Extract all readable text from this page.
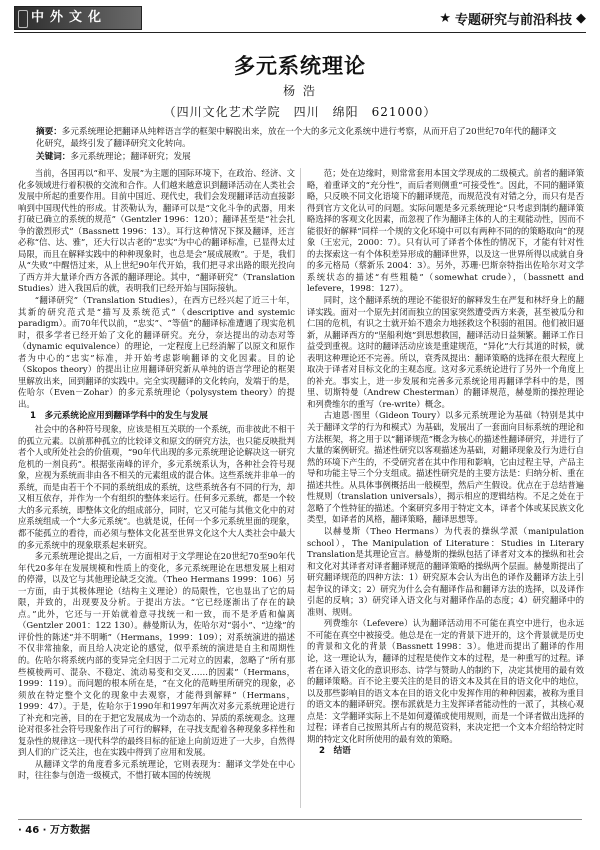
中外文化	★ 专题研究与前沿科技 ◆
多元系统理论
杨 浩
（四川文化艺术学院　四川　绵阳　621000）
摘要：多元系统理论把翻译从纯粹语言学的框架中解脱出来，放在一个大的多元文化系统中进行考察，从而开启了20世纪70年代的翻译文化研究，最终引发了翻译研究文化转向。
关键词：多元系统理论；翻译研究；发展

当前，各国再以“和平、发展”为主题的国际环境下，在政治、经济、文化多领域进行着积极的交流和合作。人们越来越意识到翻译活动在人类社会发展中所起的重要作用。目前中国近、现代史，我们会发现翻译活动直接影响到中国现代性的形成。甘茨勒认为，翻译可以是“文化斗争的武器，用来打破已确立的系统的规范”（Gentzler 1996：120）；翻译甚至是“社会扎争的激烈形式”（Bassnett 1996：13）。耳行这种情况下探及翻译，还言必称“信、达、雅”，还大行以古老的“忠实”为中心的翻译标准，已显得太过局限，而且在解释实践中的种种现象时，也总是会“展成展败”。于是，我们从“失败”中醒悟过来，从上世纪90年代开始，我们把寻求出路的眼光投向了西方并大量译介西方各派的翻译理论。其中，“翻译研究”（Translation Studies）进入我国后的就，表明我们已经开始与国际接轨。

“翻译研究”（Translation Studies），在西方已经兴起了近三十年，其新的研究范式是“描写及系统范式”（descriptive and systemic paradigm）。而70年代以前，“忠实”、“等值”的翻译标准遭遇了现实危机时，很多学者已经开始了文化的翻译研究。充分，奈达提出的动态对等（dynamic equivalence）的理论，一定程度上已经消解了以原文和原作者为中心的“忠实”标准，并开始考虑影响翻译的文化因素。目的论（Skopos theory）的提出让应用翻译研究新从单纯的语言学理论的框架里解放出来，回到翻译的实践中。完全实现翻译的文化转向，发端于的是，佐哈尔（Even－Zohar）的多元系统理论（polysystem theory）的提出。

1　多元系统论应用到翻译学科中的发生与发展

社会中的各种符号现象，应该是相互关联的一个系统，而非彼此不相干的孤立元素。以前那种孤立的比较译文和原文的研究方法，也只能反映批判者个人或所处社会的价值观，“90年代出现的多元系统理论论解决这一研究危机的一剂良药”。根据张南峰的评介，多元系统系认为，各种社会符号现象，应视为系统而非由各不相关的元素组成的混合体。这些系统并非单一的系统，而是由若干个不同的系统组成的系统，这些系统各有不同的行为，却又相互依存，并作为一个有组织的整体来运行。任何多元系统，都是一个较大的多元系统，即整体文化的组成部分，同时，它又可能与其他文化中的对应系统组成一个“大多元系统”。也就是说，任何一个多元系统里面的现象，都不能孤立的看待，而必须与整体文化甚至世界文化这个大人类社会中最大的多元系统中的现象联系起来研究。

多元系统理论提出之后，一方面相对于文学理论在20世纪70至90年代年代20多年在发展规模和性质上的变化，多元系统理论在思想发展上相对的停滞，以及它与其他理论缺乏交流。（Theo Hermans 1999：106）另一方面，由于其极体理论（结构主义理论）的局限性，它也显出了它的局限，并致的，出现要及分析。于提出方法。“它已经逐渐出了存在的缺点。”此外，它还与一开始就着意寻找统一和一致，而不是矛盾和偏离（Gentzler 2001：122 130）。赫曼斯认为，佐哈尔对“弱小”、“边缘”的评价性的陈述“并不明晰”（Hermans，1999：109）；对系统演进的描述不仅非常抽象，而且给人决定论的感觉，似乎系统的演进是自主和周期性的。佐哈尔将系统内部的变异完全归因于二元对立的因素，忽略了“所有那些模棱两可、混杂、不稳定、流动易变和交叉……的因素”（Hermans，1999：119）。而问题的根本所在是，“在文化的范畴里所研究的现象，必须放在特定整个文化的现象中去观察，才能得到解释”（Hermans，1999：47）。于是，佐哈尔于1990年和1997年两次对多元系统理论进行了补充和完善，目的在于把它发展成为一个动态的、异质的系统观念。这理论对很多社会符号现象作出了可行的解释，在寻找支配着各种现象多样性和复杂性的规律这一现代科学的最终目标的征途上向前迈进了一大步，自然得到人们的广泛关注，也在实践中得到了应用和发展。

从翻译文学的角度看多元系统理论，它则表现为：翻译文学处在中心时，往往参与创造一级模式，不惜打破本国的传统规

范；处在边缘时，则常常套用本国文学现成的二级模式。前者的翻译策略，着重译文的“充分性”，而后者则侧重“可接受性”。因此，不同的翻译策略，只反映不同文化语境下的翻译规范，而规范没有对错之分，而只有是否得到官方文化认可的问题。实际问题是多元系统理论“只考虑到制约翻译策略选择的客观文化因素，而忽视了作为翻译主体的人的主观能动性，因而不能很好的解释”同样一个规的文化环境中可以有两种不同的的策略取向”的现象（王宏元，2000：7）。只有认可了译者个体性的情况下，才能有针对性的去探索这一有个体积差异形成的翻译世界，以及这一世界所得以成就自身的多元格局（蔡新乐 2004：3）。另外，苏珊·巴斯奈特指出佐哈尔对文学系统状态的描述“有些粗糙”（somewhat crude），（bassnett and lefevere，1998：127）。

同时，这个翻译系统的理论不能很好的解释发生在严复和林纾身上的翻译实践。面对一个原先封闭而独立的国家突然遭受西方来袭，甚至被瓜分和仁国的危机，有识之士就开始不遗余力地拯救这个积弱的祖国。他们被旧逼新，从翻译西方的“坚船利炮”到思想救国，翻译活动日益频繁。翻译工作日益受到重视。这时的翻译活动应该是重建规范，“异化”大行其道的时候，就表明这种理论还不完善。所以，衰秀凤提出：翻译策略的选择在很大程度上取决于译者对目标文化的主观态度。这对多元系统论进行了另外一个角度上的补充。事实上，进一步发展和完善多元系统论用再翻译学科中的是，图里、切斯特曼（Andrew Chesterman）的翻译规范，赫曼斯的操控理论和列费维尔的重写（re-write）概念。

古迪恩·图里（Gideon Toury）以多元系统理论为基础（特别是其中关于翻译文学的行为和模式）为基础，发展出了一套面向目标系统的理论和方法框架，将之用于以“翻译规范”概念为核心的描述性翻译研究，并进行了大量的案例研究。描述性研究以客观描述为基础，对翻译现象及行为进行自然的环境下产生的，不受研究者在其中作用和影响，它由过程主导，产品主导和功能主导三个分支组成。描述性研究是的主要方法是：归纳分析、重在描述共性。从具体事例概括出一般模型，然后产生假设。优点在于总结普遍性规则（translation universals），揭示相应的逻辑结构。不足之处在于忽略了个性特征的描述。个案研究多用于特定文本，译者个体或某民族文化类型，如译者的风格，翻译策略，翻译思想等。

以赫曼斯（Theo Hermans）为代表的操纵学派（manipulation school），The Manipulation of Literature：Studies in Literary Translation是其理论宣言。赫曼斯的操纵包括了译者对文本的操纵和社会和文化对其译者对译者翻译规范的翻译策略的操纵两个层面。赫曼斯提出了研究翻译规范的四种方法：1）研究原本会认为出色的译作及翻译方法上引起争议的译文；2）研究为什么会有翻译作品和翻译方法的选择，以及译作引起的反响；3）研究译入语文化与对翻译作品的态度；4）研究翻译中的准则、规则。

列费维尔（Lefevere）认为翻译活动用不可能在真空中进行，也永远不可能在真空中被接受。他总是在一定的背景下进开的，这个背景就是历史的背景和文化的背景（Bassnett 1998：3）。他进而提出了翻译的作用论，这一理论认为，翻译的过程是使作文本的过程，是一种重写的过程。译者在译入语文化的意识形态、诗学与赞助人的制约下，决定其使用的最有效的翻译策略。百不论主要关注的是目的语文本及其在目的语文化中的地位，以及那些影响目的语文本在目的语文化中发挥作用的种种因素，被称为重目的语文本的翻译研究。摆布派就是力主发挥译者能动性的一派了，其核心观点是：文学翻译实际上不是如何遵循或使用规则，而是一个译者做出选择的过程；译者自己按照其所占有的规范资料，来决定把一个文本介绍给特定时期的特定文化时所使用的最有效的策略。

2　结语
· 46 · 万方数据
